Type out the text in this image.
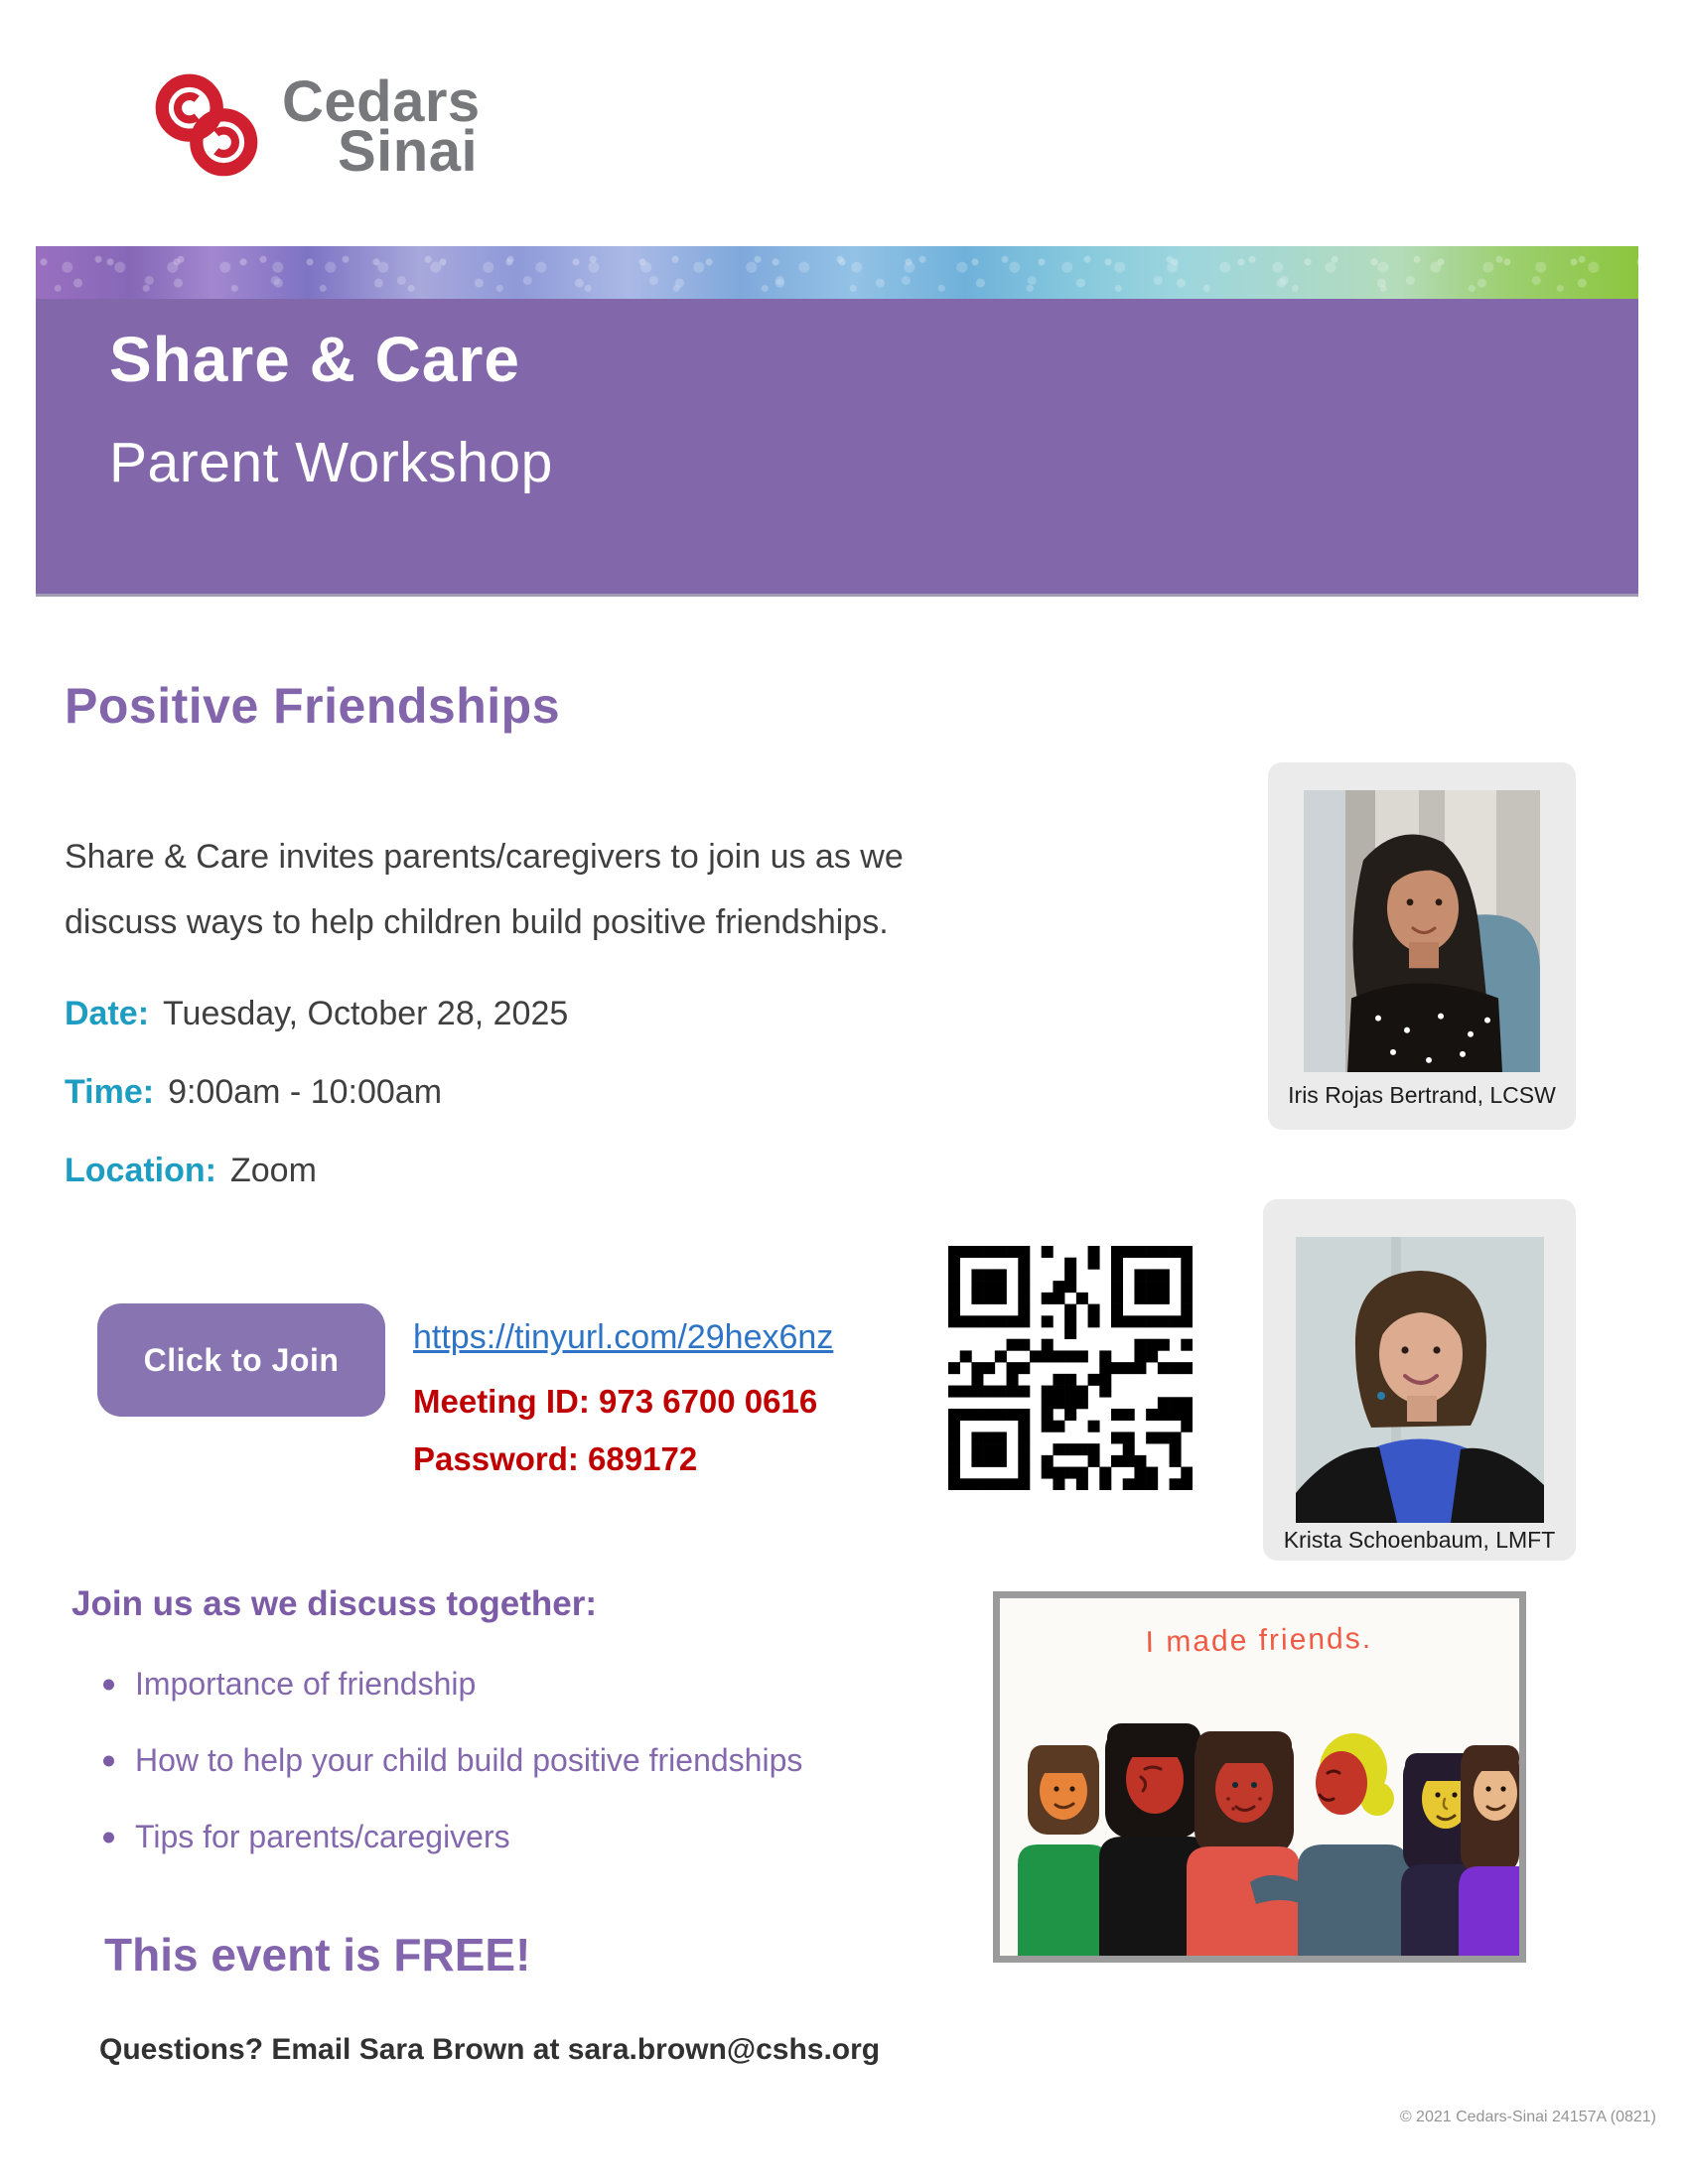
Cedars
Sinai
Share & Care
Parent Workshop
Positive Friendships
Share & Care invites parents/caregivers to join us as we
discuss ways to help children build positive friendships.
Date: Tuesday, October 28, 2025
Time: 9:00am - 10:00am
Location: Zoom
Click to Join
https://tinyurl.com/29hex6nz
Meeting ID: 973 6700 0616
Password: 689172
Iris Rojas Bertrand, LCSW
Krista Schoenbaum, LMFT
Join us as we discuss together:
Importance of friendship
How to help your child build positive friendships
Tips for parents/caregivers
I made friends.
This event is FREE!
Questions? Email Sara Brown at sara.brown@cshs.org
© 2021 Cedars-Sinai 24157A (0821)
